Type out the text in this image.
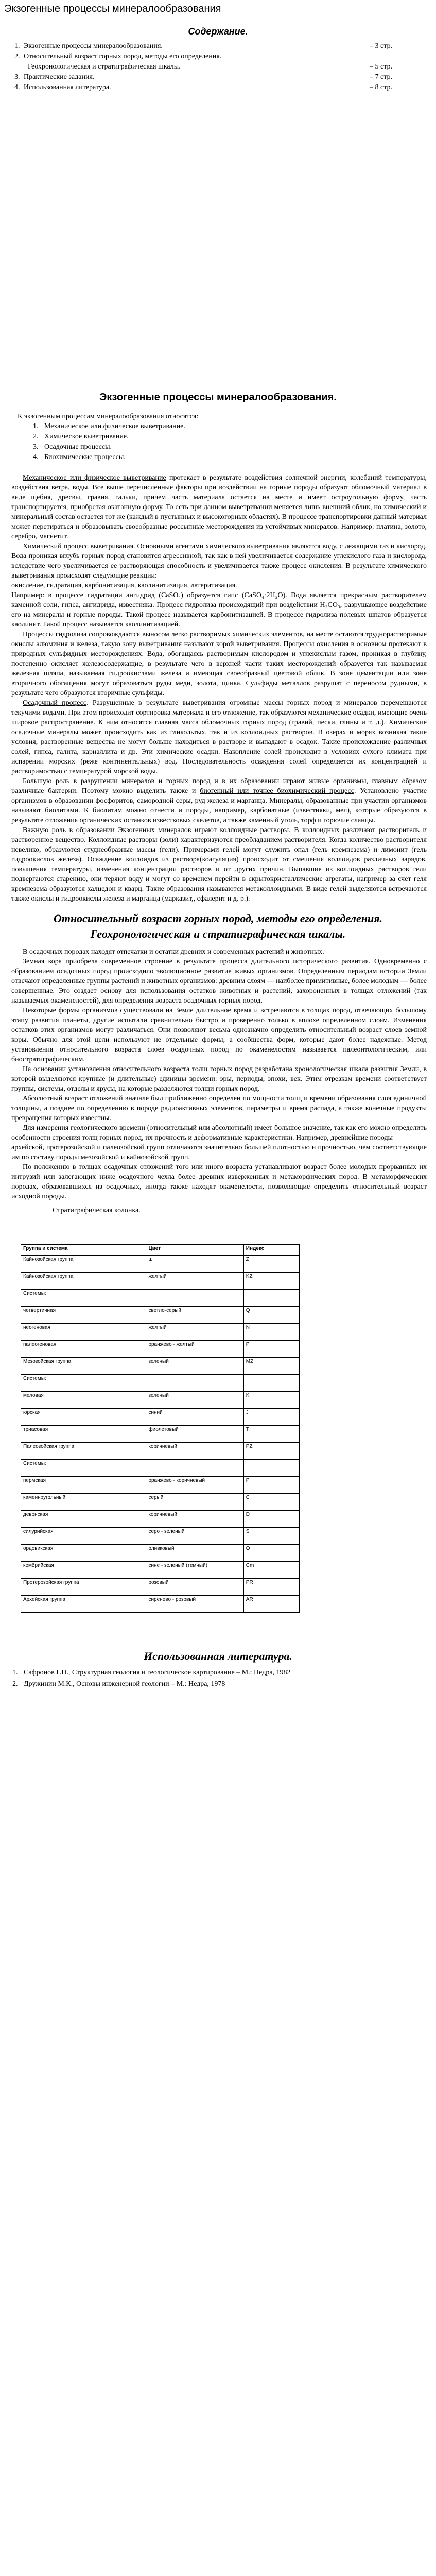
Экзогенные процессы минералообразования
Содержание.
1. Экзогенные процессы минералообразования.	– 3 стр.
2. Относительный возраст горных пород, методы его определения.
Геохронологическая и стратиграфическая шкалы.	– 5 стр.
3. Практические задания.	– 7 стр.
4. Использованная литература.	– 8 стр.
Экзогенные процессы минералообразования.

К экзогенным процессам минералообразования относятся:

1. Механическое или физическое выветривание.
2. Химическое выветривание.
3. Осадочные процессы.
4. Биохимические процессы.

Механическое или физическое выветривание протекает в результате воздействия солнечной энергии, колебаний температуры, воздействия ветра, воды. Все выше перечисленные факторы при воздействии на горные породы образуют обломочный материал в виде щебня, дресвы, гравия, гальки, причем часть материала остается на месте и имеет остроугольную форму, часть транспортируется, приобретая окатанную форму. То есть при данном выветривании меняется лишь внешний облик, но химический и минеральный состав остается тот же (каждый в пустынных и высокогорных областях). В процессе транспортировки данный материал может перетираться и образовывать своеобразные россыпные месторождения из устойчивых минералов. Например: платина, золото, серебро, магнетит.

Химический процесс выветривания. Основными агентами химического выветривания являются воду, с лежащими газ и кислород. Вода проникая вглубь горных пород становится агрессивной, так как в ней увеличивается содержание углекислого газа и кислорода, вследствие чего увеличивается ее растворяющая способность и увеличивается также процесс окисления. В результате химического выветривания происходят следующие реакции:

окисление, гидратация, карбонитизация, каолинитизация, латеритизация.

Например: в процессе гидратации ангидрид (CaSO₄) образуется гипс (CaSO₄·2H₂O). Вода является прекрасным растворителем каменной соли, гипса, ангидрида, известняка. Процесс гидролиза происходящий при воздействии H₂CO₃, разрушающее воздействие его на минералы и горные породы. Такой процесс называется карбонитизацией. В процессе гидролиза полевых шпатов образуется каолинит. Такой процесс называется каолинитизацией.

Процессы гидролиза сопровождаются выносом легко растворимых химических элементов, на месте остаются труднорастворимые окислы алюминия и железа, такую зону выветривания называют корой выветривания. Процессы окисления в основном протекают в природных сульфидных месторождениях. Вода, обогащаясь растворимым кислородом и углекислым газом, проникая в глубину, постепенно окисляет железосодержащие, в результате чего в верхней части таких месторождений образуется так называемая железная шляпа, называемая гидроокислами железа и имеющая своеобразный цветовой облик. В зоне цементации или зоне вторичного обогащения могут образоваться руды меди, золота, цинка. Сульфиды металлов разрушат с переносом рудными, в результате чего образуются вторичные сульфиды.

Осадочный процесс. Разрушенные в результате выветривания огромные массы горных пород и минералов перемещаются текучими водами. При этом происходит сортировка материала и его отложение, так образуются механические осадки, имеющие очень широкое распространение. К ним относятся главная масса обломочных горных пород (гравий, пески, глины и т. д.). Химические осадочные минералы может происходить как из гликольтых, так и из коллоидных растворов. В озерах и морях возникая такие условия, растворенные вещества не могут больше находиться в растворе и выпадают в осадок. Такие происхождение различных солей, гипса, галита, карналлита и др. Эти химические осадки. Накопление солей происходит в условиях сухого климата при испарении морских (реже континентальных) вод. Последовательность осаждения солей определяется их концентрацией и растворимостью с температурой морской воды.

Большую роль в разрушении минералов и горных пород и в их образовании играют живые организмы, главным образом различные бактерии. Поэтому можно выделить также и биогенный или точнее биохимический процесс. Установлено участие организмов в образовании фосфоритов, самородной серы, руд железа и марганца. Минералы, образованные при участии организмов называют биолитами. К биолитам можно отнести и породы, например, карбонатные (известняки, мел), которые образуются в результате отложения органических останков известковых скелетов, а также каменный уголь, торф и горючие сланцы.

Важную роль в образовании Экзогенных минералов играют коллоидные растворы. В коллоидных различают растворитель и растворенное вещество. Коллоидные растворы (золи) характеризуются преобладанием растворителя. Когда количество растворителя невелико, образуются студнеобразные массы (гели). Примерами гелей могут служить опал (гель кремнезема) и лимонит (гель гидроокислов железа). Осаждение коллоидов из раствора(коагуляция) происходит от смешения коллоидов различных зарядов, повышения температуры, изменения концентрации растворов и от других причин. Выпавшие из коллоидных растворов гели подвергаются старению, они теряют воду и могут со временем перейти в скрытокристаллические агрегаты, например за счет геля кремнезема образуются халцедон и кварц. Такие образования называются метаколлоидными. В виде гелей выделяются встречаются также окислы и гидроокислы железа и марганца (марказит,, сфалерит и д. р.).

Относительный возраст горных пород, методы его определения. Геохронологическая и стратиграфическая шкалы.

В осадочных породах находят отпечатки и остатки древних и современных растений и животных.

Земная кора приобрела современное строение в результате процесса длительного исторического развития. Одновременно с образованием осадочных пород происходило эволюционное развитие живых организмов. Определенным периодам истории Земли отвечают определенные группы растений и животных организмов: древним слоям — наиболее примитивные, более молодым — более совершенные. Это создает основу для использования остатков животных и растений, захороненных в толщах отложений (так называемых окаменелостей), для определения возраста осадочных горных пород.

Некоторые формы организмов существовали на Земле длительное время и встречаются в толщах пород, отвечающих большому этапу развития планеты, другие испытали сравнительно быстро и проверенно только в аплохе определенном слоям. Изменения остатков этих организмов могут различаться. Они позволяют весьма однозначно определить относительный возраст слоев земной коры. Обычно для этой цели используют не отдельные формы, а сообщества форм, которые дают более надежные. Метод установления относительного возраста слоев осадочных пород по окаменелостям называется палеонтологическим, или биостратиграфическим.

На основании установления относительного возраста толщ горных пород разработана хронологическая шкала развития Земли, в которой выделяются крупные (и длительные) единицы времени: эры, периоды, эпохи, век. Этим отрезкам времени соответствует группы, системы, отделы и ярусы, на которые разделяются толщи горных пород.

Абсолютный возраст отложений вначале был приближенно определен по мощности толщ и времени образования слоя единичной толщины, а позднее по определению в породе радиоактивных элементов, параметры и время распада, а также конечные продукты превращения которых известны.

Для измерения геологического времени (относительный или абсолютный) имеет большое значение, так как его можно определить особенности строения толщ горных пород, их прочность и деформативные характеристики. Например, древнейшие породы

архейской, протерозойской и палеозойской групп отличаются значительно большей плотностью и прочностью, чем соответствующие им по составу породы мезозойской и кайнозойской групп.

По положению в толщах осадочных отложений того или иного возраста устанавливают возраст более молодых прорванных их интрузий или залегающих ниже осадочного чехла более древних изверженных и метаморфических пород. В метаморфических породах, образовавшихся из осадочных, иногда также находят окаменелости, позволяющие определить относительный возраст исходной породы.

Стратиграфическая колонка.

Группа и система	Цвет	Индекс
Кайнозойская группа	ш	Z
Кайнозойская группа	желтый	KZ
Системы:		
четвертичная	светло-серый	Q
неогеновая	желтый	N
палеогеновая	оранжево - желтый	P
Мезозойская группа	зеленый	MZ
Системы:		
меловая	зеленый	K
юрская	синий	J
триасовая	фиолетовый	T
Палеозойская группа	коричневый	PZ
Системы:		
пермская	оранжево - коричневый	P
каменноугольный	серый	C
девонская	коричневый	D
силурийская	серо - зеленый	S
ордовикская	оливковый	O
кембрийская	сине - зеленый (темный)	Cm
Протерозойская группа	розовый	PR
Архейская группа	сиреневo - розовый	AR
Использованная литература.
1. Сафронов Г.Н., Структурная геология и геологическое картирование – М.: Недра, 1982
2. Дружинин М.К., Основы инженерной геологии – М.: Недра, 1978
